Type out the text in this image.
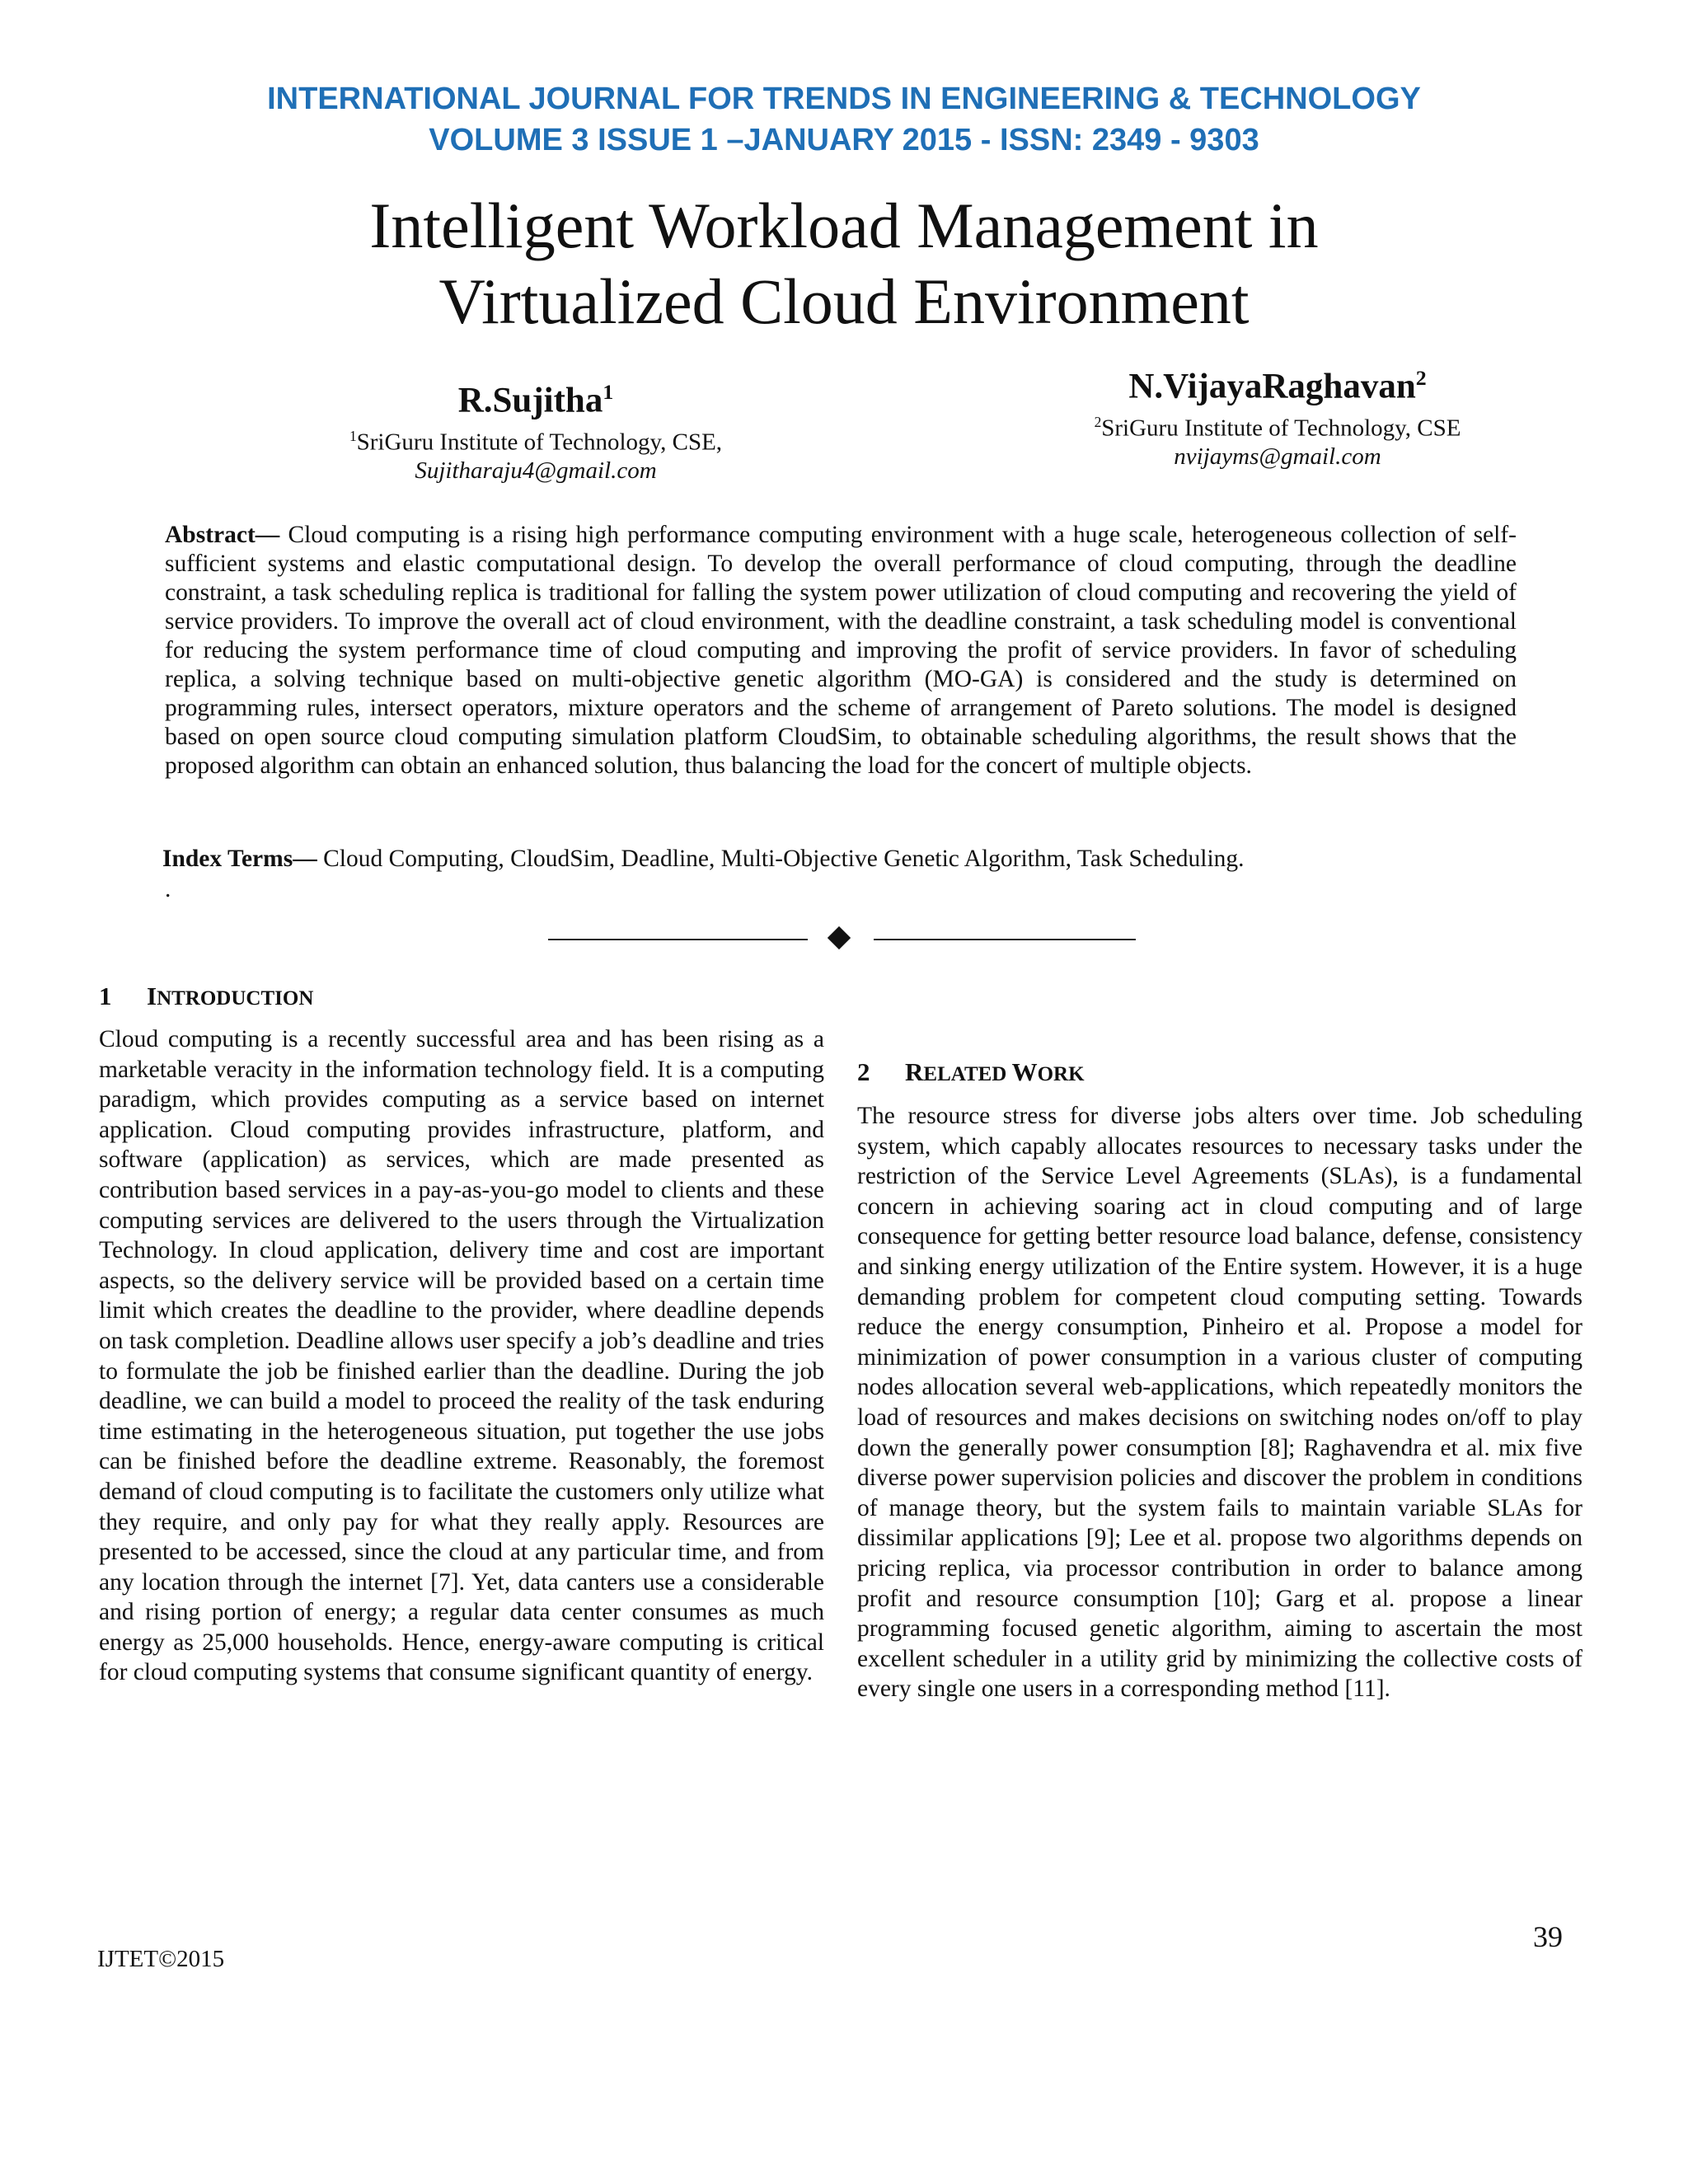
INTERNATIONAL JOURNAL FOR TRENDS IN ENGINEERING & TECHNOLOGY
VOLUME 3 ISSUE 1 –JANUARY 2015 - ISSN: 2349 - 9303
Intelligent Workload Management in
Virtualized Cloud Environment
R.Sujitha$^1$
$^1$SriGuru Institute of Technology, CSE,
Sujitharaju4@gmail.com
N.VijayaRaghavan$^2$
$^2$SriGuru Institute of Technology, CSE
nvijayms@gmail.com

Abstract— Cloud computing is a rising high performance computing environment with a huge scale, heterogeneous collection of self-sufficient systems and elastic computational design. To develop the overall performance of cloud computing, through the deadline constraint, a task scheduling replica is traditional for falling the system power utilization of cloud computing and recovering the yield of service providers. To improve the overall act of cloud environment, with the deadline constraint, a task scheduling model is conventional for reducing the system performance time of cloud computing and improving the profit of service providers. In favor of scheduling replica, a solving technique based on multi-objective genetic algorithm (MO-GA) is considered and the study is determined on programming rules, intersect operators, mixture operators and the scheme of arrangement of Pareto solutions. The model is designed based on open source cloud computing simulation platform CloudSim, to obtainable scheduling algorithms, the result shows that the proposed algorithm can obtain an enhanced solution, thus balancing the load for the concert of multiple objects.

Index Terms— Cloud Computing, CloudSim, Deadline, Multi-Objective Genetic Algorithm, Task Scheduling.

.
1 INTRODUCTION

Cloud computing is a recently successful area and has been rising as a marketable veracity in the information technology field. It is a computing paradigm, which provides computing as a service based on internet application. Cloud computing provides infrastructure, platform, and software (application) as services, which are made presented as contribution based services in a pay-as-you-go model to clients and these computing services are delivered to the users through the Virtualization Technology. In cloud application, delivery time and cost are important aspects, so the delivery service will be provided based on a certain time limit which creates the deadline to the provider, where deadline depends on task completion. Deadline allows user specify a job’s deadline and tries to formulate the job be finished earlier than the deadline. During the job deadline, we can build a model to proceed the reality of the task enduring time estimating in the heterogeneous situation, put together the use jobs can be finished before the deadline extreme. Reasonably, the foremost demand of cloud computing is to facilitate the customers only utilize what they require, and only pay for what they really apply. Resources are presented to be accessed, since the cloud at any particular time, and from any location through the internet [7]. Yet, data canters use a considerable and rising portion of energy; a regular data center consumes as much energy as 25,000 households. Hence, energy-aware computing is critical for cloud computing systems that consume significant quantity of energy.

2 RELATED WORK

The resource stress for diverse jobs alters over time. Job scheduling system, which capably allocates resources to necessary tasks under the restriction of the Service Level Agreements (SLAs), is a fundamental concern in achieving soaring act in cloud computing and of large consequence for getting better resource load balance, defense, consistency and sinking energy utilization of the Entire system. However, it is a huge demanding problem for competent cloud computing setting. Towards reduce the energy consumption, Pinheiro et al. Propose a model for minimization of power consumption in a various cluster of computing nodes allocation several web-applications, which repeatedly monitors the load of resources and makes decisions on switching nodes on/off to play down the generally power consumption [8]; Raghavendra et al. mix five diverse power supervision policies and discover the problem in conditions of manage theory, but the system fails to maintain variable SLAs for dissimilar applications [9]; Lee et al. propose two algorithms depends on pricing replica, via processor contribution in order to balance among profit and resource consumption [10]; Garg et al. propose a linear programming focused genetic algorithm, aiming to ascertain the most excellent scheduler in a utility grid by minimizing the collective costs of every single one users in a corresponding method [11].

39
IJTET©2015
